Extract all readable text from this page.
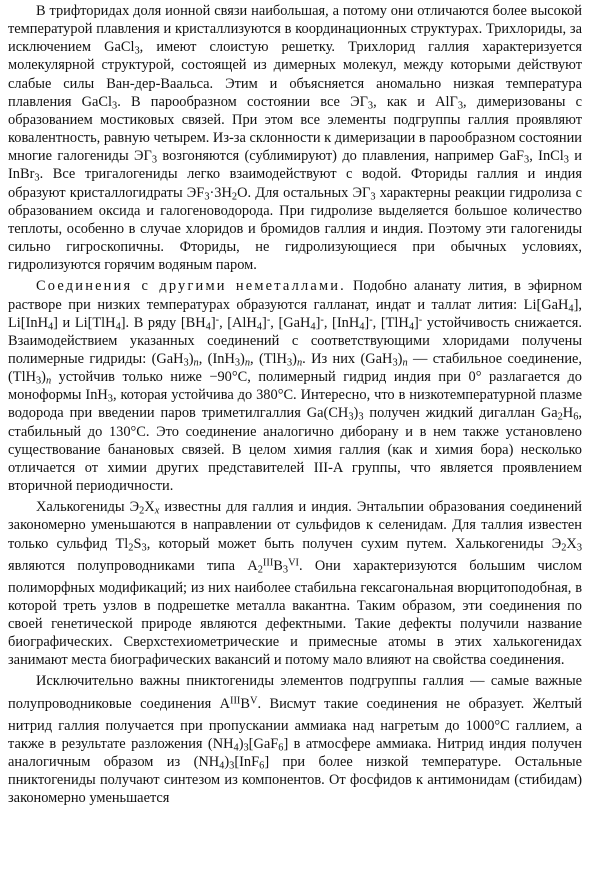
В трифторидах доля ионной связи наибольшая, а потому они отличаются более высокой температурой плавления и кристаллизуются в координационных структурах. Трихлориды, за исключением GaCl$_3$, имеют слоистую решетку. Трихлорид галлия характеризуется молекулярной структурой, состоящей из димерных молекул, между которыми действуют слабые силы Ван-дер-Ваальса. Этим и объясняется аномально низкая температура плавления GaCl$_3$. В парообразном состоянии все $ЭГ_3$, как и AlГ$_3$, димеризованы с образованием мостиковых связей. При этом все элементы подгруппы галлия проявляют ковалентность, равную четырем. Из-за склонности к димеризации в парообразном состоянии многие галогениды $ЭГ_3$ возгоняются (сублимируют) до плавления, например GaF$_3$, InCl$_3$ и InBr$_3$. Все тригалогениды легко взаимодействуют с водой. Фториды галлия и индия образуют кристаллогидраты $ЭF_3\cdot 3H_2O$. Для остальных $ЭГ_3$ характерны реакции гидролиза с образованием оксида и галогеноводорода. При гидролизе выделяется большое количество теплоты, особенно в случае хлоридов и бромидов галлия и индия. Поэтому эти галогениды сильно гигроскопичны. Фториды, не гидролизующиеся при обычных условиях, гидролизуются горячим водяным паром.

Соединения с другими неметаллами. Подобно аланату лития, в эфирном растворе при низких температурах образуются галланат, индат и таллат лития: Li[GaH$_4$], Li[InH$_4$] и Li[TlH$_4$]. В ряду $[BH_4]^-$, [AlH$_4$]-, [GaH$_4$]-, [InH$_4$]-, [TlH$_4$]- устойчивость снижается. Взаимодействием указанных соединений с соответствующими хлоридами получены полимерные гидриды: $(GaH_3)_n$, $(InH_3)_n$, $(TlH_3)_n$. Из них $(GaH_3)_n$ — стабильное соединение, $(TlH_3)_n$ устойчив только ниже −90°C, полимерный гидрид индия при 0° разлагается до моноформы InH$_3$, которая устойчива до 380°C. Интересно, что в низкотемпературной плазме водорода при введении паров триметилгаллия $Ga(CH_3)_3$ получен жидкий дигаллан $Ga_2H_6$, стабильный до 130°C. Это соединение аналогично диборану и в нем также установлено существование банановых связей. В целом химия галлия (как и химия бора) несколько отличается от химии других представителей III-A группы, что является проявлением вторичной периодичности.

Халькогениды $Э_2X_x$ известны для галлия и индия. Энтальпии образования соединений закономерно уменьшаются в направлении от сульфидов к селенидам. Для таллия известен только сульфид $Tl_2S_3$, который может быть получен сухим путем. Халькогениды $Э_2X_3$ являются полупроводниками типа $A_2^{III}B_3^{VI}$. Они характеризуются большим числом полиморфных модификаций; из них наиболее стабильна гексагональная вюрцитоподобная, в которой треть узлов в подрешетке металла вакантна. Таким образом, эти соединения по своей генетической природе являются дефектными. Такие дефекты получили название биографических. Сверхстехиометрические и примесные атомы в этих халькогенидах занимают места биографических вакансий и потому мало влияют на свойства соединения.

Исключительно важны пниктогениды элементов подгруппы галлия — самые важные полупроводниковые соединения $A^{III}B^V$. Висмут такие соединения не образует. Желтый нитрид галлия получается при пропускании аммиака над нагретым до 1000°C галлием, а также в результате разложения $(NH_4)_3[GaF_6]$ в атмосфере аммиака. Нитрид индия получен аналогичным образом из $(NH_4)_3[InF_6]$ при более низкой температуре. Остальные пниктогениды получают синтезом из компонентов. От фосфидов к антимонидам (стибидам) закономерно уменьшается
